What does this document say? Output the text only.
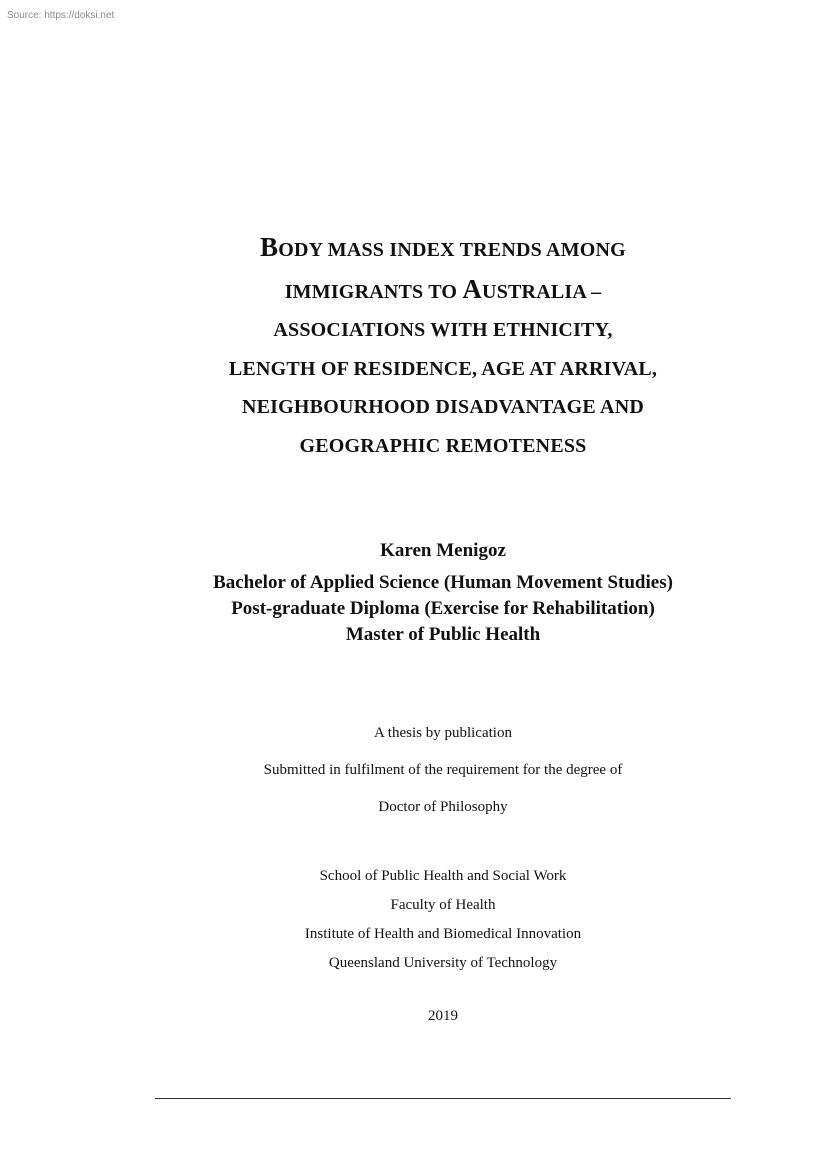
Source: https://doksi.net
BODY MASS INDEX TRENDS AMONG
IMMIGRANTS TO AUSTRALIA –
ASSOCIATIONS WITH ETHNICITY,
LENGTH OF RESIDENCE, AGE AT ARRIVAL,
NEIGHBOURHOOD DISADVANTAGE AND
GEOGRAPHIC REMOTENESS
Karen Menigoz
Bachelor of Applied Science (Human Movement Studies)
Post-graduate Diploma (Exercise for Rehabilitation)
Master of Public Health
A thesis by publication
Submitted in fulfilment of the requirement for the degree of
Doctor of Philosophy
School of Public Health and Social Work
Faculty of Health
Institute of Health and Biomedical Innovation
Queensland University of Technology
2019
